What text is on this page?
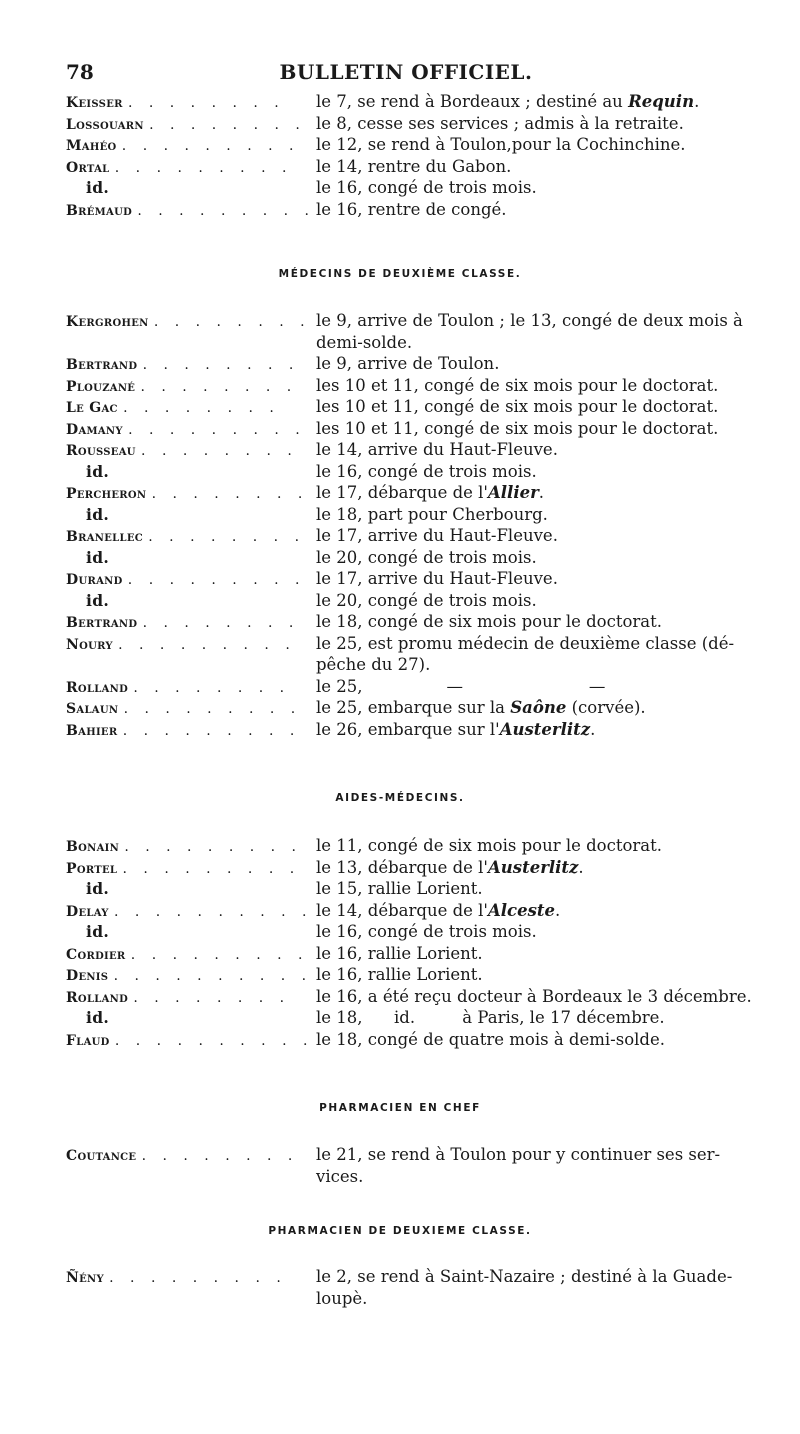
78	BULLETIN OFFICIEL.
Keisser . . . . . . . .	le 7, se rend à Bordeaux ; destiné au Requin.
Lossouarn . . . . . . . . le 8, cesse ses services ; admis à la retraite.
Mahéo . . . . . . . . .	le 12, se rend à Toulon,pour la Cochinchine.
Ortal . . . . . . . . .	le 14, rentre du Gabon.
id.	le 16, congé de trois mois.
Brémaud . . . . . . . . . le 16, rentre de congé.
MÉDECINS DE DEUXIÈME CLASSE.
Kergrohen . . . . . . . . le 9, arrive de Toulon ; le 13, congé de deux mois à
demi-solde.
Bertrand . . . . . . . .	le 9, arrive de Toulon.
Plouzané . . . . . . . .	les 10 et 11, congé de six mois pour le doctorat.
Le Gac . . . . . . . .	les 10 et 11, congé de six mois pour le doctorat.
Damany . . . . . . . . . les 10 et 11, congé de six mois pour le doctorat.
Rousseau . . . . . . . .	le 14, arrive du Haut-Fleuve.
id.	le 16, congé de trois mois.
Percheron . . . . . . . . le 17, débarque de l'Allier.
id.	le 18, part pour Cherbourg.
Branellec . . . . . . . . le 17, arrive du Haut-Fleuve.
id.	le 20, congé de trois mois.
Durand . . . . . . . . . le 17, arrive du Haut-Fleuve.
id.	le 20, congé de trois mois.
Bertrand . . . . . . . .	le 18, congé de six mois pour le doctorat.
Noury . . . . . . . . .	le 25, est promu médecin de deuxième classe (dé-
pêche du 27).
Rolland . . . . . . . .	le 25,                —                        —
Salaun . . . . . . . . . le 25, embarque sur la Saône (corvée).
Bahier . . . . . . . . . le 26, embarque sur l'Austerlitz.
AIDES-MÉDECINS.
Bonain . . . . . . . . . le 11, congé de six mois pour le doctorat.
Portel . . . . . . . . . le 13, débarque de l'Austerlitz.
id.	le 15, rallie Lorient.
Delay . . . . . . . . . . le 14, débarque de l'Alceste.
id.	le 16, congé de trois mois.
Cordier . . . . . . . . . le 16, rallie Lorient.
Denis . . . . . . . . . . le 16, rallie Lorient.
Rolland . . . . . . . .	le 16, a été reçu docteur à Bordeaux le 3 décembre.
id.	le 18,      id.         à Paris, le 17 décembre.
Flaud . . . . . . . . . . le 18, congé de quatre mois à demi-solde.
PHARMACIEN EN CHEF
Coutance . . . . . . . .	le 21, se rend à Toulon pour y continuer ses ser-
vices.
PHARMACIEN DE DEUXIEME CLASSE.
Ñény . . . . . . . . .	le 2, se rend à Saint-Nazaire ; destiné à la Guade-
loupè.
